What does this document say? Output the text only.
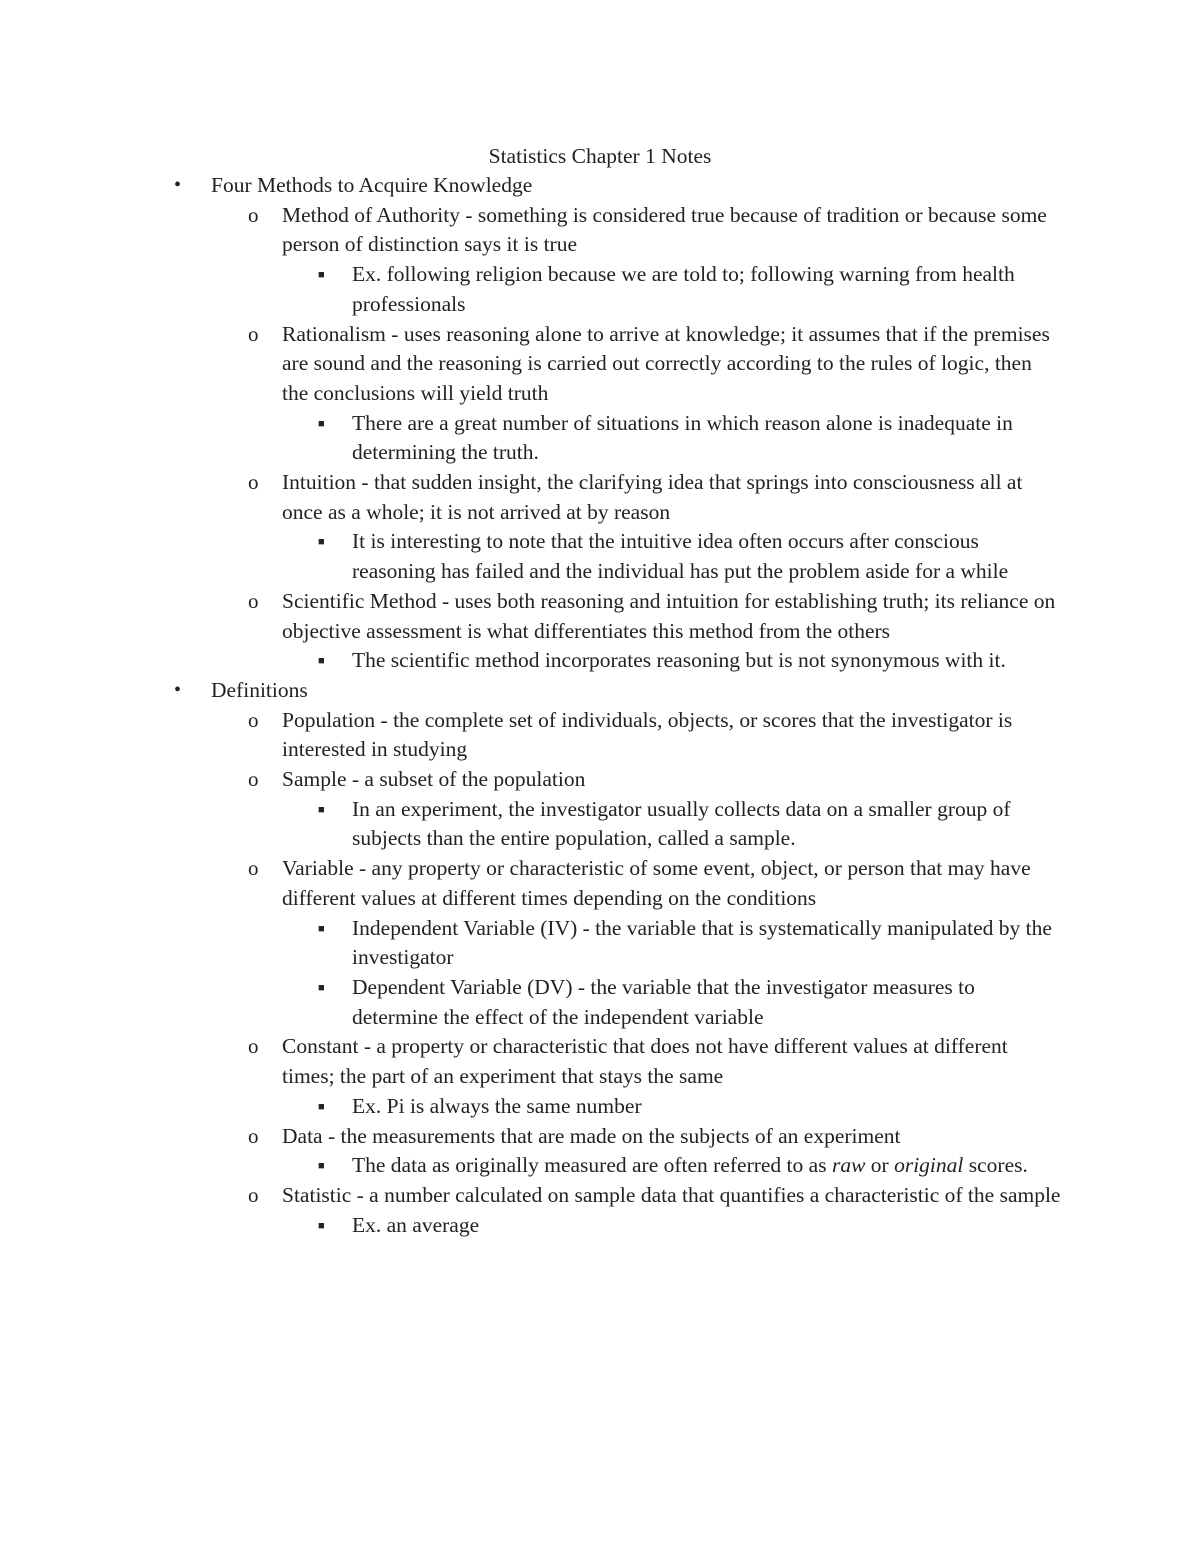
Statistics Chapter 1 Notes
• Four Methods to Acquire Knowledge
o Method of Authority - something is considered true because of tradition or because some person of distinction says it is true
■ Ex. following religion because we are told to; following warning from health professionals
o Rationalism - uses reasoning alone to arrive at knowledge; it assumes that if the premises are sound and the reasoning is carried out correctly according to the rules of logic, then the conclusions will yield truth
■ There are a great number of situations in which reason alone is inadequate in determining the truth.
o Intuition - that sudden insight, the clarifying idea that springs into consciousness all at once as a whole; it is not arrived at by reason
■ It is interesting to note that the intuitive idea often occurs after conscious reasoning has failed and the individual has put the problem aside for a while
o Scientific Method - uses both reasoning and intuition for establishing truth; its reliance on objective assessment is what differentiates this method from the others
■ The scientific method incorporates reasoning but is not synonymous with it.
• Definitions
o Population - the complete set of individuals, objects, or scores that the investigator is interested in studying
o Sample - a subset of the population
■ In an experiment, the investigator usually collects data on a smaller group of subjects than the entire population, called a sample.
o Variable - any property or characteristic of some event, object, or person that may have different values at different times depending on the conditions
■ Independent Variable (IV) - the variable that is systematically manipulated by the investigator
■ Dependent Variable (DV) - the variable that the investigator measures to determine the effect of the independent variable
o Constant - a property or characteristic that does not have different values at different times; the part of an experiment that stays the same
■ Ex. Pi is always the same number
o Data - the measurements that are made on the subjects of an experiment
■ The data as originally measured are often referred to as raw or original scores.
o Statistic - a number calculated on sample data that quantifies a characteristic of the sample
■ Ex. an average
